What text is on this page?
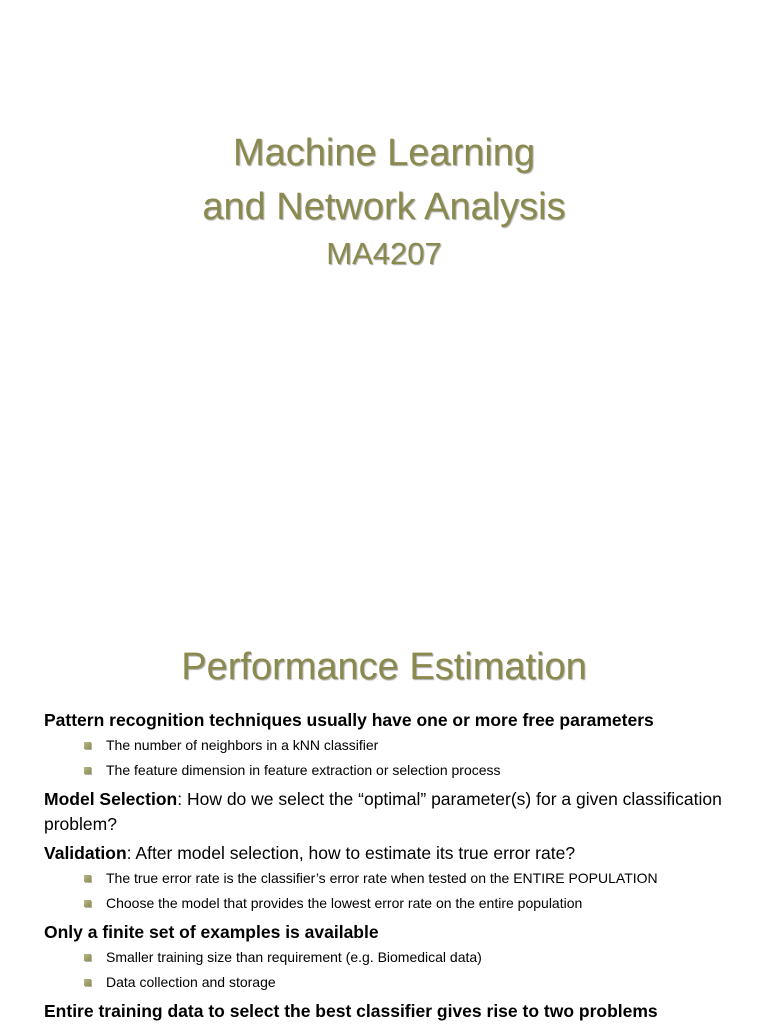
Machine Learning
and Network Analysis
MA4207
Performance Estimation

Pattern recognition techniques usually have one or more free parameters

The number of neighbors in a kNN classifier
The feature dimension in feature extraction or selection process

Model Selection: How do we select the “optimal” parameter(s) for a given classification problem?

Validation: After model selection, how to estimate its true error rate?

The true error rate is the classifier’s error rate when tested on the ENTIRE POPULATION
Choose the model that provides the lowest error rate on the entire population

Only a finite set of examples is available

Smaller training size than requirement (e.g. Biomedical data)
Data collection and storage

Entire training data to select the best classifier gives rise to two problems
